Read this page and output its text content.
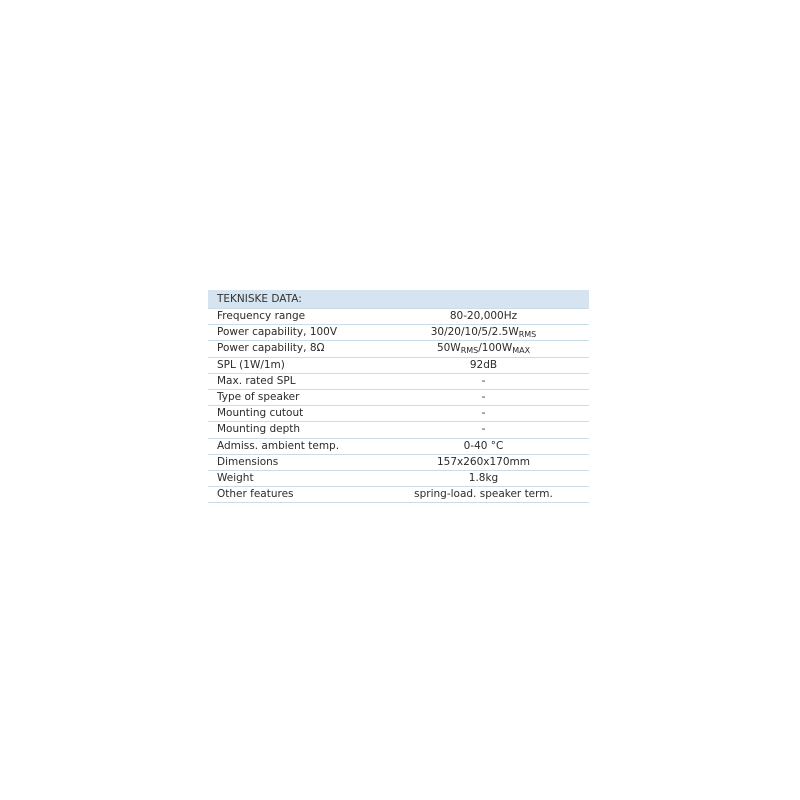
TEKNISKE DATA:	
Frequency range	80-20,000Hz
Power capability, 100V	$30/20/10/5/2.5W_{RMS}$
Power capability, 8Ω	$50W_{RMS}/100W_{MAX}$
SPL (1W/1m)	92dB
Max. rated SPL	-
Type of speaker	-
Mounting cutout	-
Mounting depth	-
Admiss. ambient temp.	0-40 °C
Dimensions	157x260x170mm
Weight	1.8kg
Other features	spring-load. speaker term.
